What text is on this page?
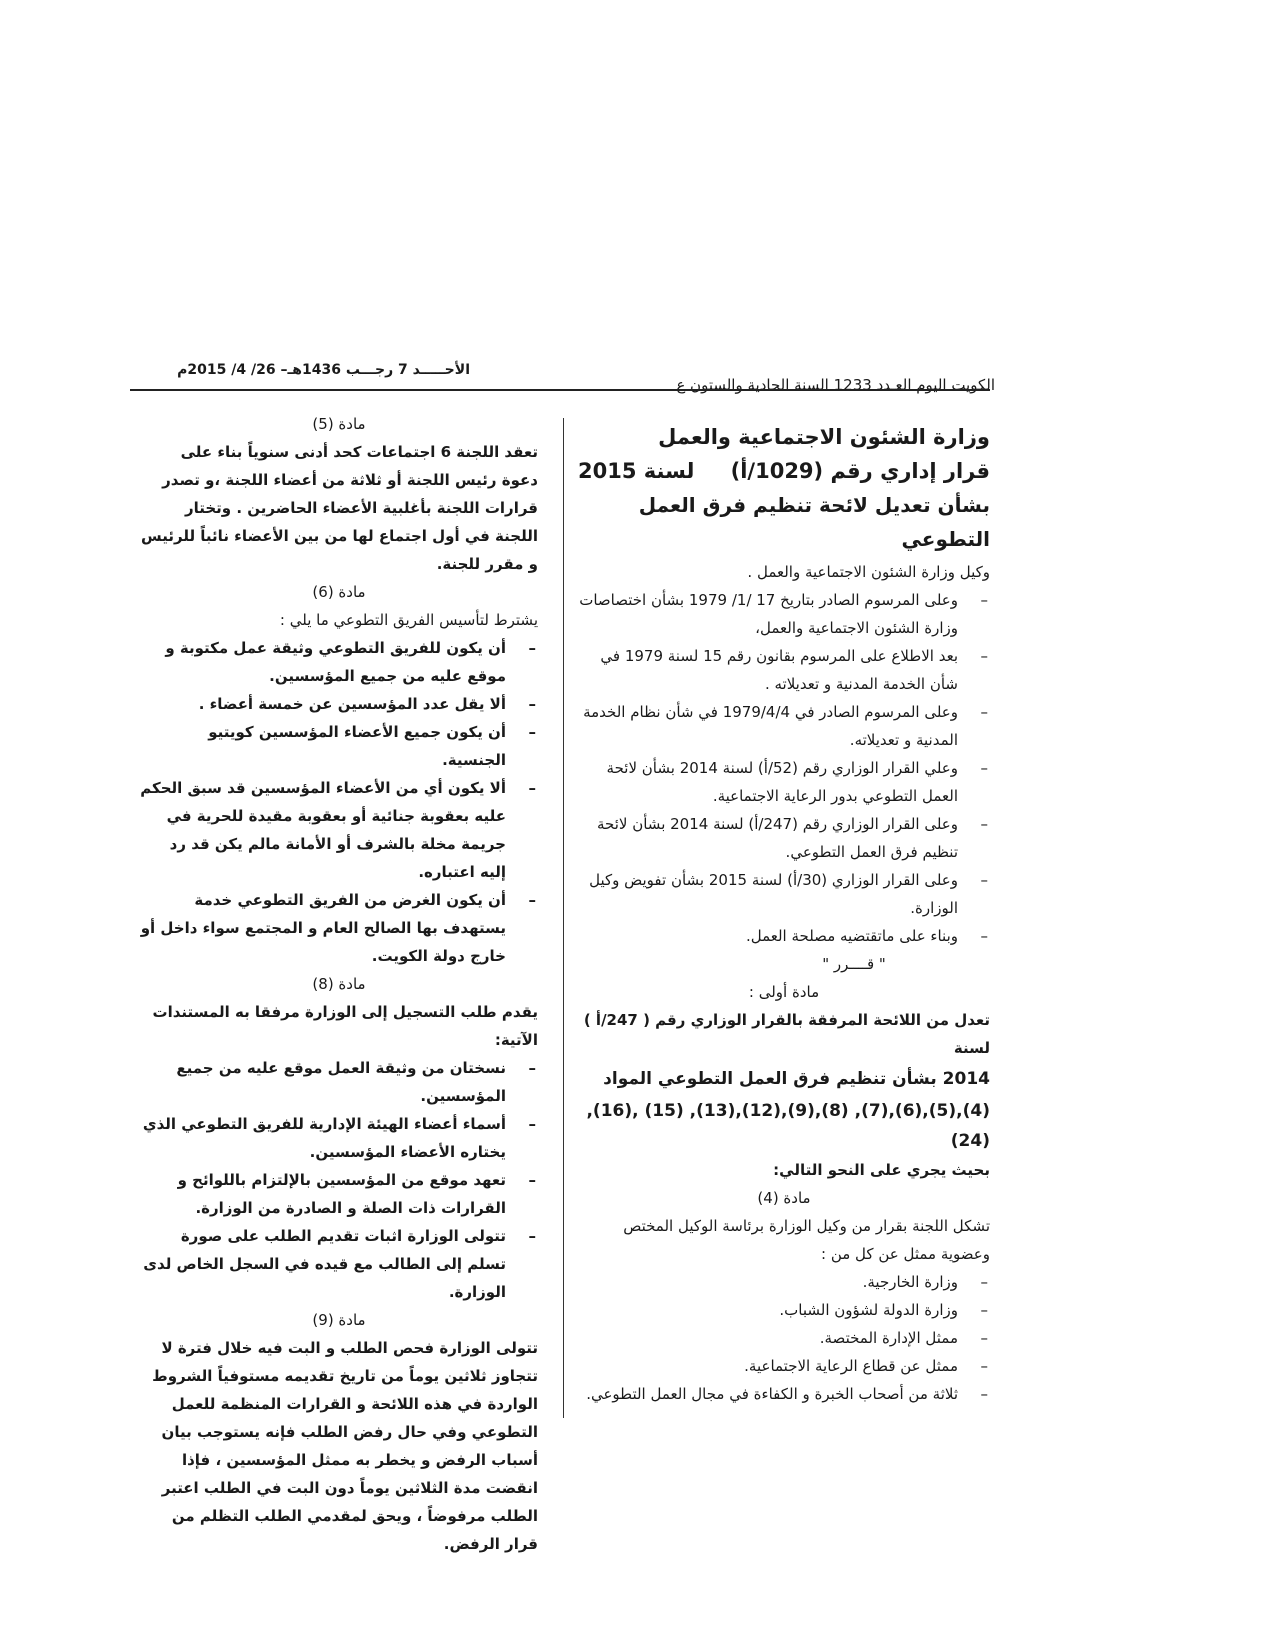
الكويت اليوم العـدد 1233 السنة الحادية والستون ع
الأحـــــد 7 رجـــب 1436هـ– 26/ 4/ 2015م
وزارة الشئون الاجتماعية والعمل
قرار إداري رقم (1029/أ)
لسنة 2015
بشأن تعديل لائحة تنظيم فرق العمل التطوعي
وكيل وزارة الشئون الاجتماعية والعمل .
– وعلى المرسوم الصادر بتاريخ 17 /1/ 1979 بشأن اختصاصات وزارة الشئون الاجتماعية والعمل،
– بعد الاطلاع على المرسوم بقانون رقم 15 لسنة 1979 في شأن الخدمة المدنية و تعديلاته .
– وعلى المرسوم الصادر في 1979/4/4 في شأن نظام الخدمة المدنية و تعديلاته.
– وعلي القرار الوزاري رقم (52/أ) لسنة 2014 بشأن لائحة العمل التطوعي بدور الرعاية الاجتماعية.
– وعلى القرار الوزاري رقم (247/أ) لسنة 2014 بشأن لائحة تنظيم فرق العمل التطوعي.
– وعلى القرار الوزاري (30/أ) لسنة 2015 بشأن تفويض وكيل الوزارة.
– وبناء على ماتقتضيه مصلحة العمل.
" قــــرر "
مادة أولى :
تعدل من اللائحة المرفقة بالقرار الوزاري رقم ( 247/أ ) لسنة
2014 بشأن تنظيم فرق العمل التطوعي المواد
(4),(5),(6),(7), (8),(9),(12),(13), (15) ,(16),(24)
بحيث يجري على النحو التالي:
مادة (4)
تشكل اللجنة بقرار من وكيل الوزارة برئاسة الوكيل المختص وعضوية ممثل عن كل من :
– وزارة الخارجية.
– وزارة الدولة لشؤون الشباب.
– ممثل الإدارة المختصة.
– ممثل عن قطاع الرعاية الاجتماعية.
– ثلاثة من أصحاب الخبرة و الكفاءة في مجال العمل التطوعي.
مادة (5)
تعقد اللجنة 6 اجتماعات كحد أدنى سنوياً بناء على دعوة رئيس اللجنة أو ثلاثة من أعضاء اللجنة ،و تصدر قرارات اللجنة بأغلبية الأعضاء الحاضرين . وتختار اللجنة في أول اجتماع لها من بين الأعضاء نائباً للرئيس و مقرر للجنة.
مادة (6)
يشترط لتأسيس الفريق التطوعي ما يلي :
– أن يكون للفريق التطوعي وثيقة عمل مكتوبة و موقع عليه من جميع المؤسسين.
– ألا يقل عدد المؤسسين عن خمسة أعضاء .
– أن يكون جميع الأعضاء المؤسسين كويتيو الجنسية.
– ألا يكون أي من الأعضاء المؤسسين قد سبق الحكم عليه بعقوبة جنائية أو بعقوبة مقيدة للحرية في جريمة مخلة بالشرف أو الأمانة مالم يكن قد رد إليه اعتباره.
– أن يكون الغرض من الفريق التطوعي خدمة يستهدف بها الصالح العام و المجتمع سواء داخل أو خارج دولة الكويت.
مادة (8)
يقدم طلب التسجيل إلى الوزارة مرفقا به المستندات الآتية:
– نسختان من وثيقة العمل موقع عليه من جميع المؤسسين.
– أسماء أعضاء الهيئة الإدارية للفريق التطوعي الذي يختاره الأعضاء المؤسسين.
– تعهد موقع من المؤسسين بالإلتزام باللوائح و القرارات ذات الصلة و الصادرة من الوزارة.
– تتولى الوزارة اثبات تقديم الطلب على صورة تسلم إلى الطالب مع قيده في السجل الخاص لدى الوزارة.
مادة (9)
تتولى الوزارة فحص الطلب و البت فيه خلال فترة لا تتجاوز ثلاثين يوماً من تاريخ تقديمه مستوفياً الشروط الواردة في هذه اللائحة و القرارات المنظمة للعمل التطوعي وفي حال رفض الطلب فإنه يستوجب بيان أسباب الرفض و يخطر به ممثل المؤسسين ، فإذا انقضت مدة الثلاثين يوماً دون البت في الطلب اعتبر الطلب مرفوضاً ، ويحق لمقدمي الطلب التظلم من قرار الرفض.
